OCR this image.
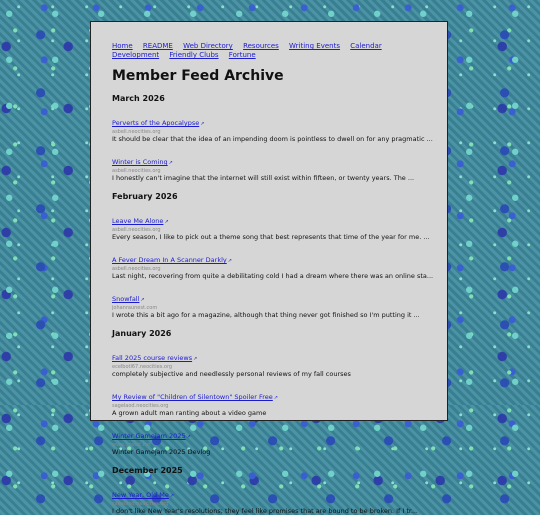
Home README Web Directory Resources Writing Events Calendar Development Friendly Clubs Fortune
Member Feed Archive
March 2026
Perverts of the Apocalypse↗
asbell.neocities.org
It should be clear that the idea of an impending doom is pointless to dwell on for any pragmatic ...
Winter is Coming↗
asbell.neocities.org
I honestly can't imagine that the internet will still exist within fifteen, or twenty years. The ...
February 2026
Leave Me Alone↗
asbell.neocities.org
Every season, I like to pick out a theme song that best represents that time of the year for me. ...
A Fever Dream In A Scanner Darkly↗
asbell.neocities.org
Last night, recovering from quite a debilitating cold I had a dream where there was an online sta...
Snowfall↗
johanraunest.com
I wrote this a bit ago for a magazine, although that thing never got finished so I'm putting it ...
January 2026
Fall 2025 course reviews↗
ecelbotl67.neocities.org
completely subjective and needlessly personal reviews of my fall courses
My Review of "Children of Silentown" Spoiler Free↗
sagelaod.neocities.org
A grown adult man ranting about a video game
Winter Gamejam 2025↗
www.gostat.net
Winter Gamejam 2025 Devlog
December 2025
New Year, Old Me↗
sagelaod.neocities.org
I don't like New Year's resolutions; they feel like promises that are bound to be broken. If I tr...
